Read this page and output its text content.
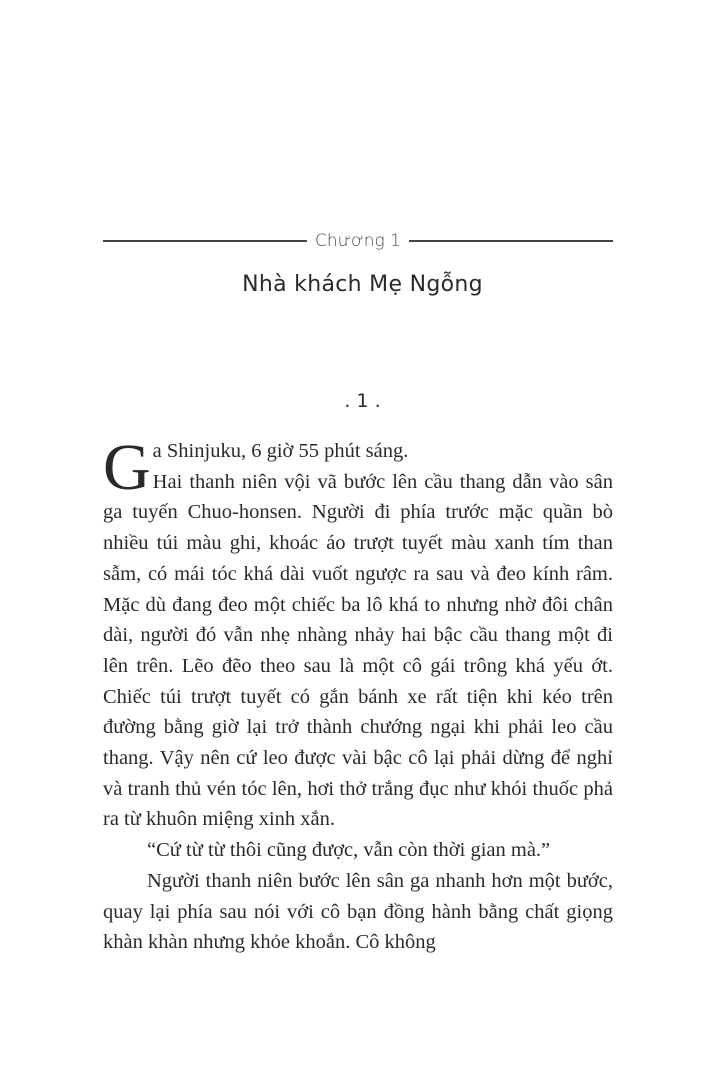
Chương 1
Nhà khách Mẹ Ngỗng
. 1 .

Ga Shinjuku, 6 giờ 55 phút sáng.
Hai thanh niên vội vã bước lên cầu thang dẫn vào sân ga tuyến Chuo-honsen. Người đi phía trước mặc quần bò nhiều túi màu ghi, khoác áo trượt tuyết màu xanh tím than sẫm, có mái tóc khá dài vuốt ngược ra sau và đeo kính râm. Mặc dù đang đeo một chiếc ba lô khá to nhưng nhờ đôi chân dài, người đó vẫn nhẹ nhàng nhảy hai bậc cầu thang một đi lên trên. Lẽo đẽo theo sau là một cô gái trông khá yếu ớt. Chiếc túi trượt tuyết có gắn bánh xe rất tiện khi kéo trên đường bằng giờ lại trở thành chướng ngại khi phải leo cầu thang. Vậy nên cứ leo được vài bậc cô lại phải dừng để nghỉ và tranh thủ vén tóc lên, hơi thở trắng đục như khói thuốc phả ra từ khuôn miệng xinh xắn.

“Cứ từ từ thôi cũng được, vẫn còn thời gian mà.”

Người thanh niên bước lên sân ga nhanh hơn một bước, quay lại phía sau nói với cô bạn đồng hành bằng chất giọng khàn khàn nhưng khỏe khoắn. Cô không
